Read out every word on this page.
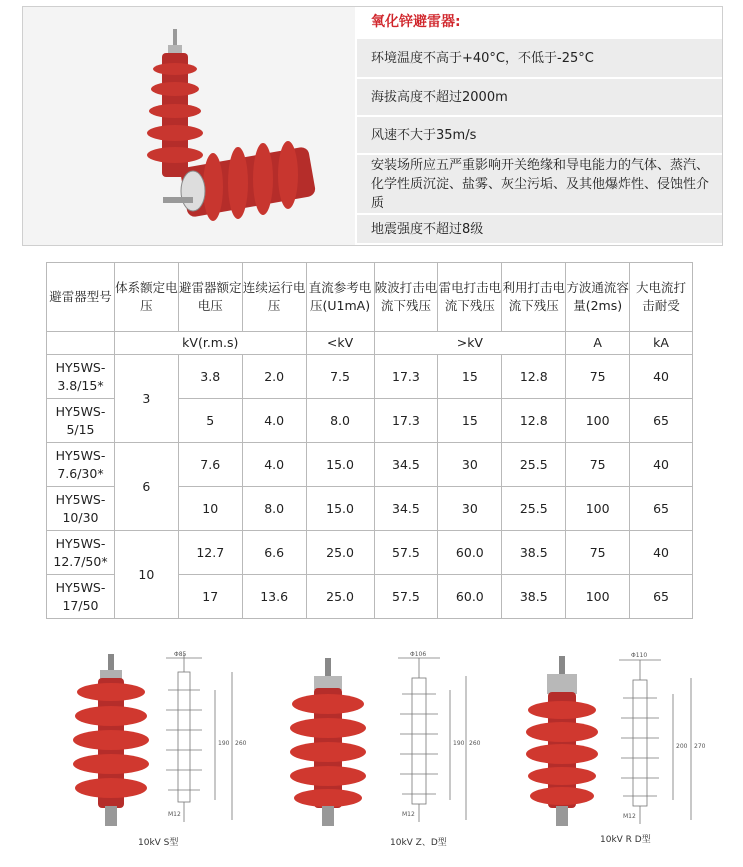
氧化锌避雷器:
环境温度不高于+40°C，不低于-25°C
海拔高度不超过2000m
风速不大于35m/s
安装场所应五严重影响开关绝缘和导电能力的气体、蒸汽、化学性质沉淀、盐雾、灰尘污垢、及其他爆炸性、侵蚀性介质
地震强度不超过8级
避雷器型号	体系额定电压	避雷器额定电压	连续运行电压	直流参考电压(U1mA)	陂波打击电流下残压	雷电打击电流下残压	利用打击电流下残压	方波通流容量(2ms)	大电流打击耐受
	kV(r.m.s)			<kV	>kV			A	kA
HY5WS-3.8/15*	3	3.8	2.0	7.5	17.3	15	12.8	75	40
HY5WS-5/15		5	4.0	8.0	17.3	15	12.8	100	65
HY5WS-7.6/30*	6	7.6	4.0	15.0	34.5	30	25.5	75	40
HY5WS-10/30		10	8.0	15.0	34.5	30	25.5	100	65
HY5WS-12.7/50*	10	12.7	6.6	25.0	57.5	60.0	38.5	75	40
HY5WS-17/50		17	13.6	25.0	57.5	60.0	38.5	100	65
Φ85
190 260
M12
10kV S型
Φ106
190 260
M12
10kV Z、D型
Φ110
200 270
M12
10kV R D型
